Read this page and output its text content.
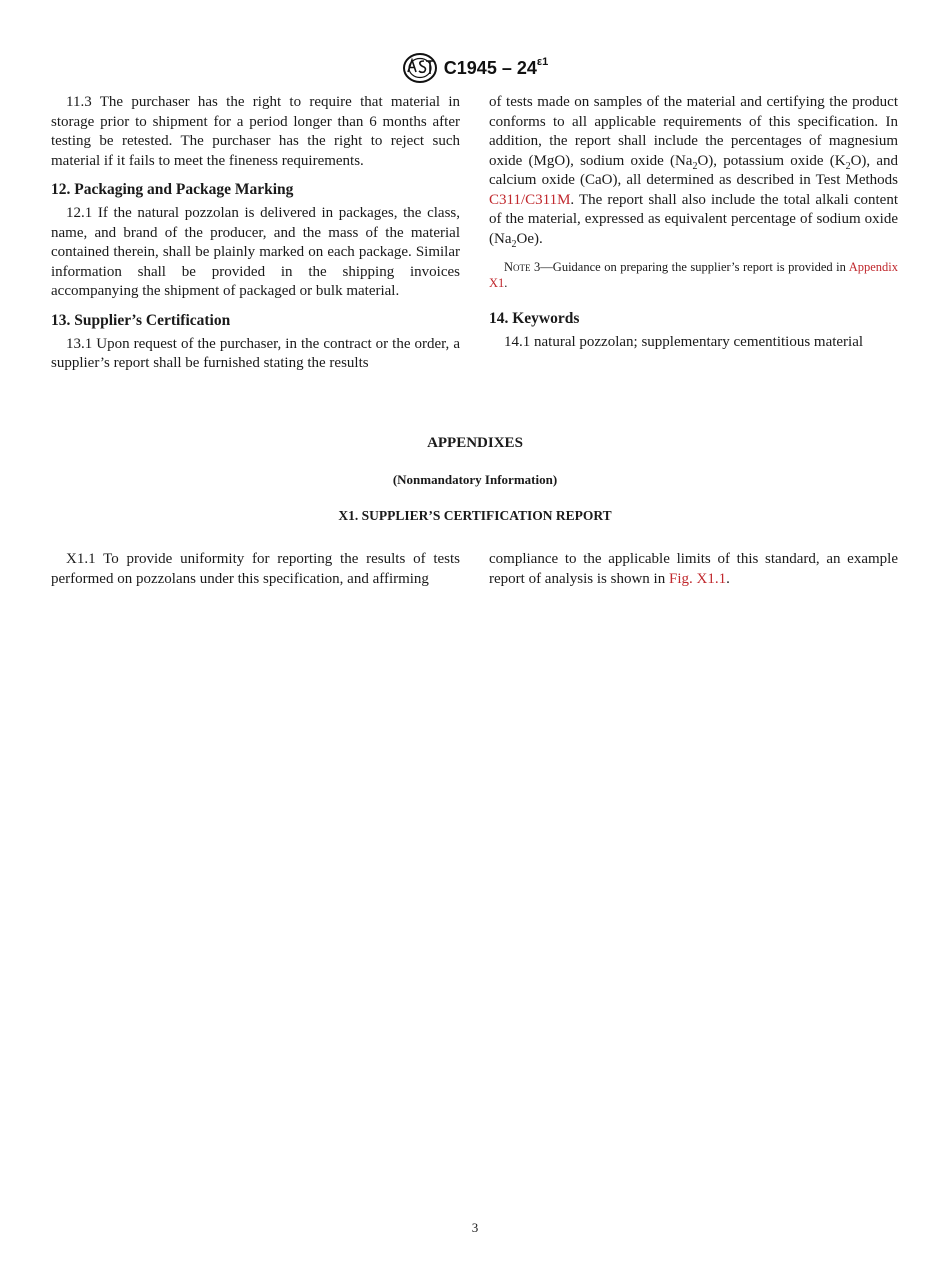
$C1945 - 24^{\varepsilon 1}$

11.3 The purchaser has the right to require that material in storage prior to shipment for a period longer than 6 months after testing be retested. The purchaser has the right to reject such material if it fails to meet the fineness requirements.

12. Packaging and Package Marking

12.1 If the natural pozzolan is delivered in packages, the class, name, and brand of the producer, and the mass of the material contained therein, shall be plainly marked on each package. Similar information shall be provided in the shipping invoices accompanying the shipment of packaged or bulk material.

13. Supplier’s Certification

13.1 Upon request of the purchaser, in the contract or the order, a supplier’s report shall be furnished stating the results

of tests made on samples of the material and certifying the product conforms to all applicable requirements of this specification. In addition, the report shall include the percentages of magnesium oxide (MgO), sodium oxide $(Na_2O)$, potassium oxide $(K_2O)$, and calcium oxide (CaO), all determined as described in Test Methods C311/C311M. The report shall also include the total alkali content of the material, expressed as equivalent percentage of sodium oxide $(Na_2Oe)$.

Note 3—Guidance on preparing the supplier’s report is provided in Appendix X1.

14. Keywords

14.1 natural pozzolan; supplementary cementitious material

APPENDIXES
(Nonmandatory Information)
X1. SUPPLIER’S CERTIFICATION REPORT

X1.1 To provide uniformity for reporting the results of tests performed on pozzolans under this specification, and affirming

compliance to the applicable limits of this standard, an example report of analysis is shown in Fig. X1.1.

3
